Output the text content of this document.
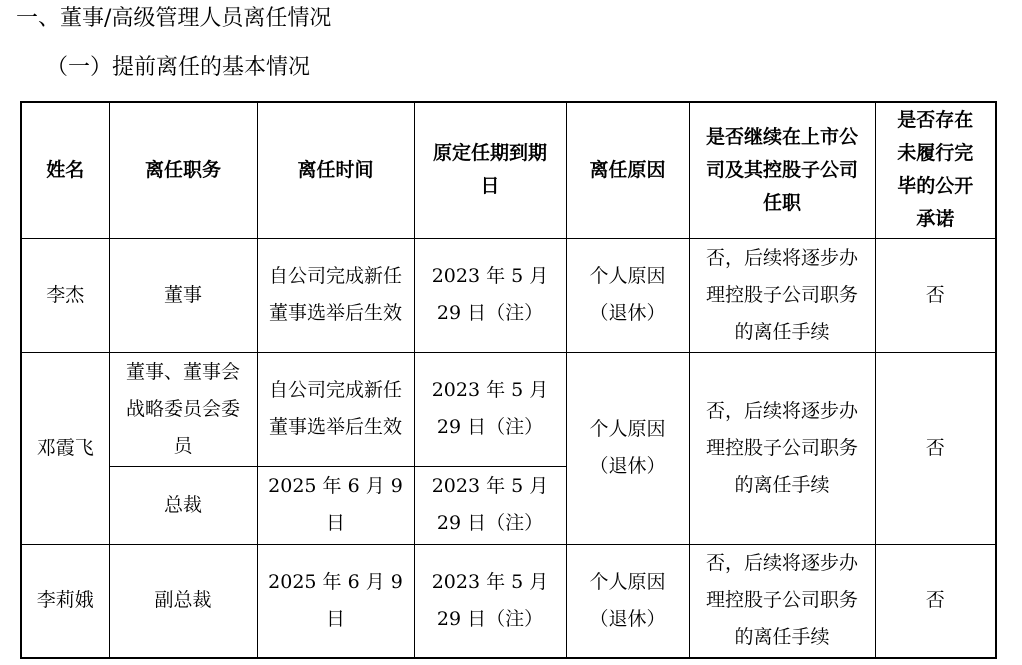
一、董事/高级管理人员离任情况
（一）提前离任的基本情况
姓名	离任职务	离任时间	原定任期到期日	离任原因	是否继续在上市公司及其控股子公司任职	是否存在未履行完毕的公开承诺
李杰	董事	自公司完成新任董事选举后生效	2023 年 5 月 29 日（注）	个人原因（退休）	否，后续将逐步办理控股子公司职务的离任手续	否
邓霞飞	董事、董事会战略委员会委员	自公司完成新任董事选举后生效	2023 年 5 月 29 日（注）	个人原因（退休）	否，后续将逐步办理控股子公司职务的离任手续	否
	总裁	2025 年 6 月 9 日	2023 年 5 月 29 日（注）			
李莉娥	副总裁	2025 年 6 月 9 日	2023 年 5 月 29 日（注）	个人原因（退休）	否，后续将逐步办理控股子公司职务的离任手续	否
